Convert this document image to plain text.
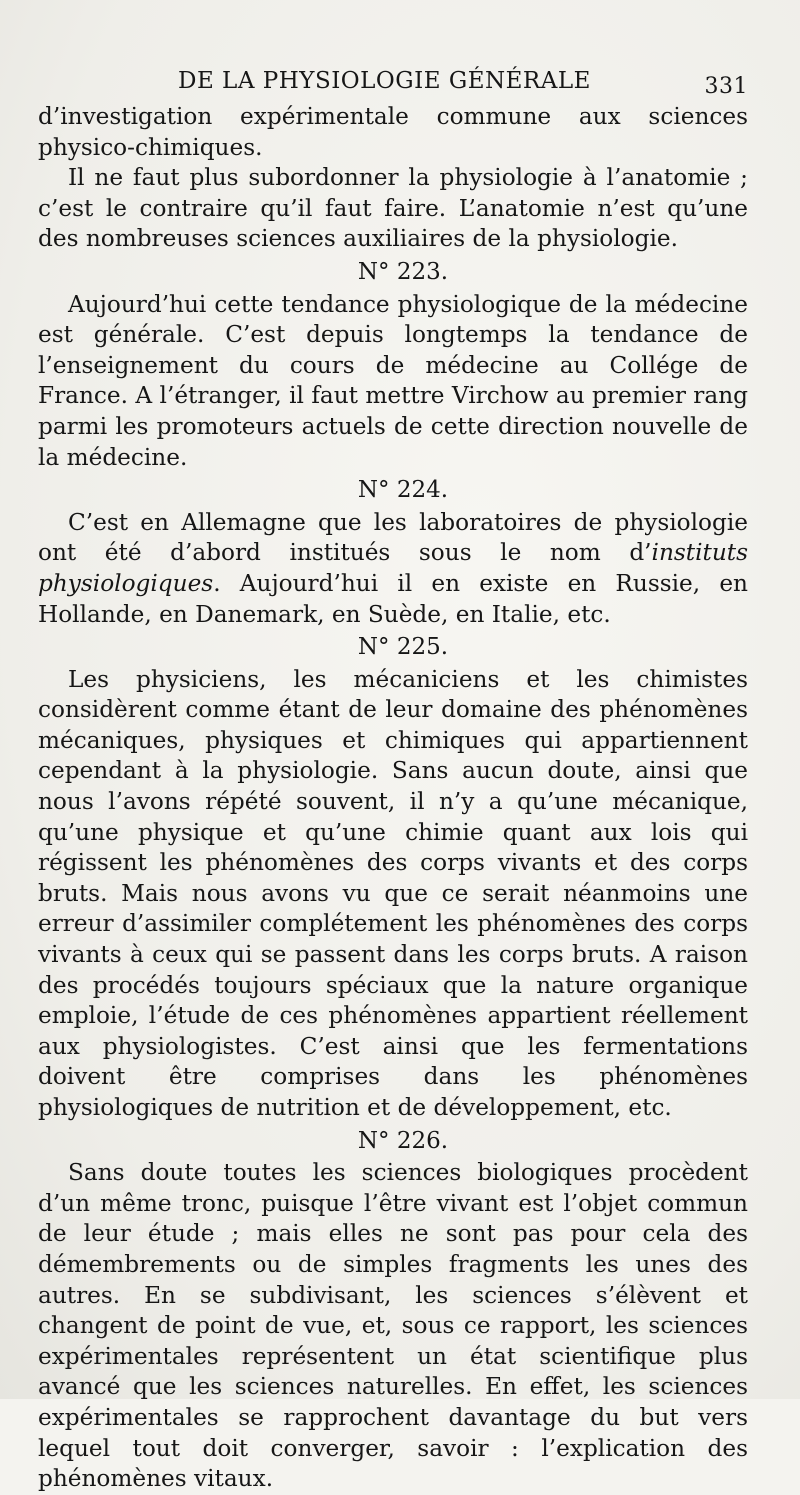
DE LA PHYSIOLOGIE GÉNÉRALE	331

d’investigation expérimentale commune aux sciences physico-chimiques.

Il ne faut plus subordonner la physiologie à l’anatomie ; c’est le contraire qu’il faut faire. L’anatomie n’est qu’une des nombreuses sciences auxiliaires de la physiologie.

N° 223.

Aujourd’hui cette tendance physiologique de la médecine est générale. C’est depuis longtemps la tendance de l’enseignement du cours de médecine au Collége de France. A l’étranger, il faut mettre Virchow au premier rang parmi les promoteurs actuels de cette direction nouvelle de la médecine.

N° 224.

C’est en Allemagne que les laboratoires de physiologie ont été d’abord institués sous le nom d’instituts physiologiques. Aujourd’hui il en existe en Russie, en Hollande, en Danemark, en Suède, en Italie, etc.

N° 225.

Les physiciens, les mécaniciens et les chimistes considèrent comme étant de leur domaine des phénomènes mécaniques, physiques et chimiques qui appartiennent cependant à la physiologie. Sans aucun doute, ainsi que nous l’avons répété souvent, il n’y a qu’une mécanique, qu’une physique et qu’une chimie quant aux lois qui régissent les phénomènes des corps vivants et des corps bruts. Mais nous avons vu que ce serait néanmoins une erreur d’assimiler complétement les phénomènes des corps vivants à ceux qui se passent dans les corps bruts. A raison des procédés toujours spéciaux que la nature organique emploie, l’étude de ces phénomènes appartient réellement aux physiologistes. C’est ainsi que les fermentations doivent être comprises dans les phénomènes physiologiques de nutrition et de développement, etc.

N° 226.

Sans doute toutes les sciences biologiques procèdent d’un même tronc, puisque l’être vivant est l’objet commun de leur étude ; mais elles ne sont pas pour cela des démembrements ou de simples fragments les unes des autres. En se subdivisant, les sciences s’élèvent et changent de point de vue, et, sous ce rapport, les sciences expérimentales représentent un état scientifique plus avancé que les sciences naturelles. En effet, les sciences expérimentales se rapprochent davantage du but vers lequel tout doit converger, savoir : l’explication des phénomènes vitaux.
